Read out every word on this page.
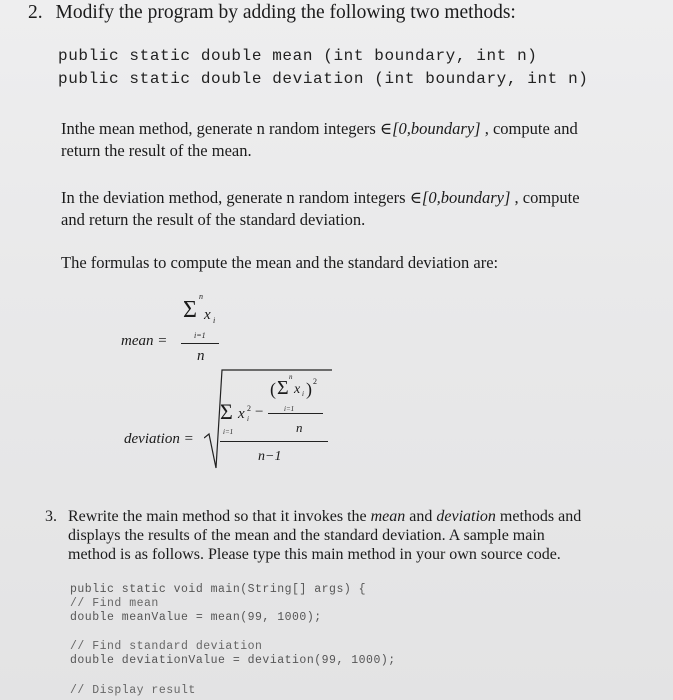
2. Modify the program by adding the following two methods:
public static double mean (int boundary, int n)
public static double deviation (int boundary, int n)
Inthe mean method, generate n random integers ∈[0,boundary] , compute and
return the result of the mean.
In the deviation method, generate n random integers ∈[0,boundary] , compute
and return the result of the standard deviation.
The formulas to compute the mean and the standard deviation are:
mean =
n
Σ x i
i=1
n
deviation =
n
( Σ x i ) 2
i=1
n
Σ x 2
i −
i=1
n−1
3. Rewrite the main method so that it invokes the mean and deviation methods and
displays the results of the mean and the standard deviation. A sample main
method is as follows. Please type this main method in your own source code.
public static void main(String[] args) {
// Find mean
double meanValue = mean(99, 1000);
// Find standard deviation
double deviationValue = deviation(99, 1000);
// Display result
